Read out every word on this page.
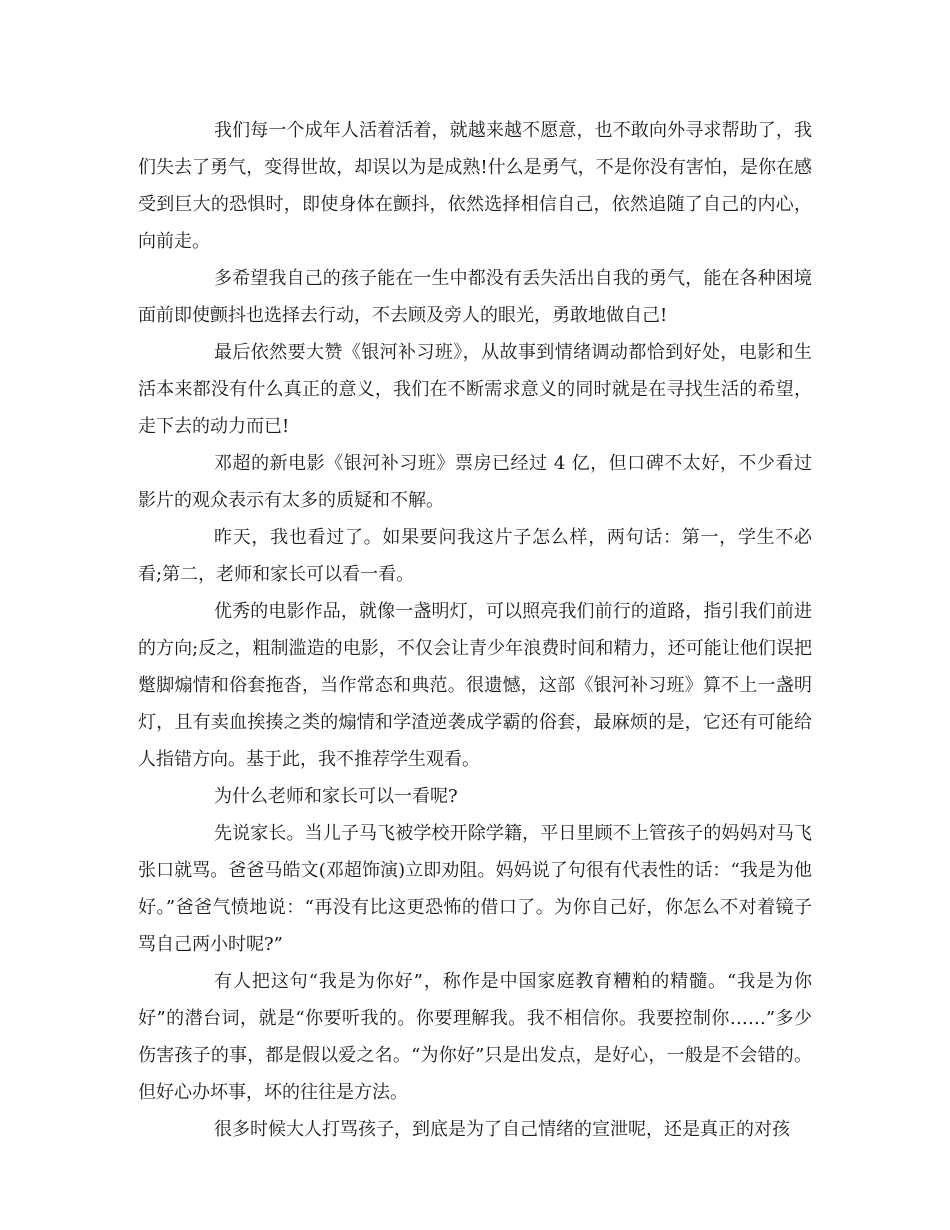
我们每一个成年人活着活着，就越来越不愿意，也不敢向外寻求帮助了，我们失去了勇气，变得世故，却误以为是成熟!什么是勇气，不是你没有害怕，是你在感受到巨大的恐惧时，即使身体在颤抖，依然选择相信自己，依然追随了自己的内心，向前走。

多希望我自己的孩子能在一生中都没有丢失活出自我的勇气，能在各种困境面前即使颤抖也选择去行动，不去顾及旁人的眼光，勇敢地做自己!

最后依然要大赞《银河补习班》，从故事到情绪调动都恰到好处，电影和生活本来都没有什么真正的意义，我们在不断需求意义的同时就是在寻找生活的希望，走下去的动力而已!

邓超的新电影《银河补习班》票房已经过 4 亿，但口碑不太好，不少看过影片的观众表示有太多的质疑和不解。

昨天，我也看过了。如果要问我这片子怎么样，两句话：第一，学生不必看;第二，老师和家长可以看一看。

优秀的电影作品，就像一盏明灯，可以照亮我们前行的道路，指引我们前进的方向;反之，粗制滥造的电影，不仅会让青少年浪费时间和精力，还可能让他们误把蹩脚煽情和俗套拖沓，当作常态和典范。很遗憾，这部《银河补习班》算不上一盏明灯，且有卖血挨揍之类的煽情和学渣逆袭成学霸的俗套，最麻烦的是，它还有可能给人指错方向。基于此，我不推荐学生观看。

为什么老师和家长可以一看呢?

先说家长。当儿子马飞被学校开除学籍，平日里顾不上管孩子的妈妈对马飞张口就骂。爸爸马皓文(邓超饰演)立即劝阻。妈妈说了句很有代表性的话：“我是为他好。”爸爸气愤地说：“再没有比这更恐怖的借口了。为你自己好，你怎么不对着镜子骂自己两小时呢?”

有人把这句“我是为你好”，称作是中国家庭教育糟粕的精髓。“我是为你好”的潜台词，就是“你要听我的。你要理解我。我不相信你。我要控制你……”多少伤害孩子的事，都是假以爱之名。“为你好”只是出发点，是好心，一般是不会错的。但好心办坏事，坏的往往是方法。

很多时候大人打骂孩子，到底是为了自己情绪的宣泄呢，还是真正的对孩
